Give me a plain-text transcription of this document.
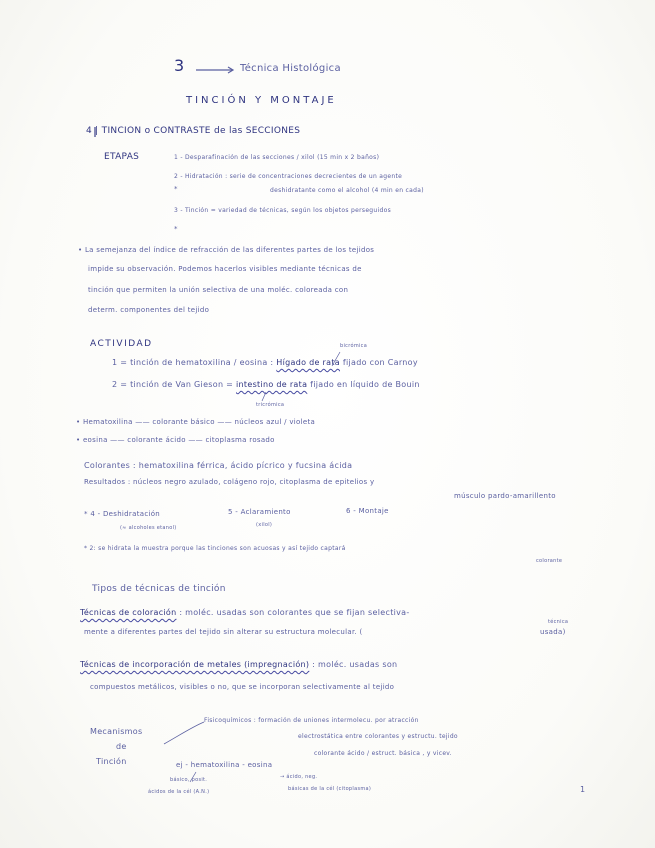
3	Técnica Histológica
TINCIÓN Y MONTAJE
4 | TINCION o CONTRASTE de las SECCIONES
ETAPAS	1 - Desparafinación de las secciones / xilol (15 min x 2 baños)
2 - Hidratación : serie de concentraciones decrecientes de un agente
deshidratante como el alcohol (4 min en cada)
*
3 - Tinción = variedad de técnicas, según los objetos perseguidos
*
• La semejanza del índice de refracción de las diferentes partes de los tejidos
impide su observación. Podemos hacerlos visibles mediante técnicas de
tinción que permiten la unión selectiva de una moléc. coloreada con
determ. componentes del tejido
ACTIVIDAD	bicrómica
1 = tinción de hematoxilina / eosina : Hígado de rata fijado con Carnoy
2 = tinción de Van Gieson = intestino de rata fijado en líquido de Bouin
tricrómica
• Hematoxilina —— colorante básico —— núcleos azul / violeta
• eosina —— colorante ácido —— citoplasma rosado
Colorantes : hematoxilina férrica, ácido pícrico y fucsina ácida
Resultados : núcleos negro azulado, colágeno rojo, citoplasma de epitelios y
músculo pardo-amarillento
* 4 - Deshidratación
(≈ alcoholes etanol)
5 - Aclaramiento
(xilol)
6 - Montaje
* 2: se hidrata la muestra porque las tinciones son acuosas y así tejido captará
colorante
Tipos de técnicas de tinción
Técnicas de coloración : moléc. usadas son colorantes que se fijan selectiva-
mente a diferentes partes del tejido sin alterar su estructura molecular. (
técnica
usada)
Técnicas de incorporación de metales (impregnación) : moléc. usadas son
compuestos metálicos, visibles o no, que se incorporan selectivamente al tejido
Mecanismos
de
Tinción
Fisicoquímicos : formación de uniones intermolecu. por atracción
electrostática entre colorantes y estructu. tejido
colorante ácido / estruct. básica , y vicev.
ej - hematoxilina - eosina
básico, posit.
ácidos de la cél (A.N.)
→ ácido, neg.
básicas de la cél (citoplasma)	1
